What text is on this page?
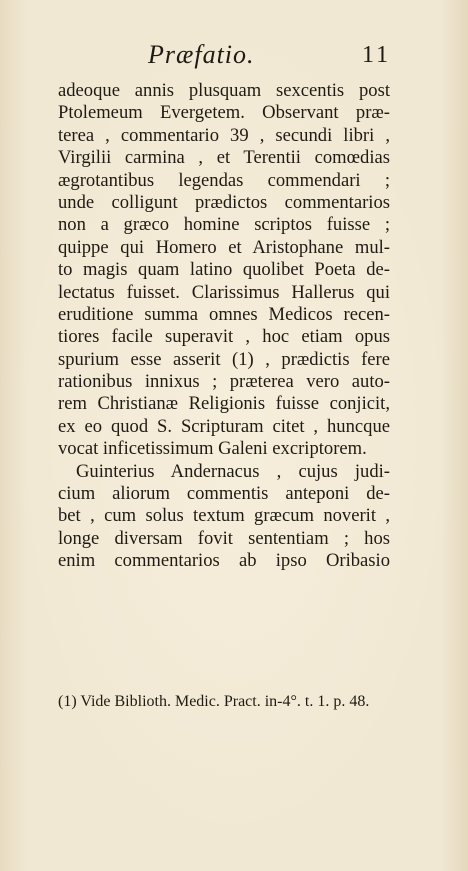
Præfatio.	11
adeoque annis plusquam sexcentis post
Ptolemeum Evergetem. Observant præ-
terea , commentario 39 , secundi libri ,
Virgilii carmina , et Terentii comœdias
ægrotantibus legendas commendari ;
unde colligunt prædictos commentarios
non a græco homine scriptos fuisse ;
quippe qui Homero et Aristophane mul-
to magis quam latino quolibet Poeta de-
lectatus fuisset. Clarissimus Hallerus qui
eruditione summa omnes Medicos recen-
tiores facile superavit , hoc etiam opus
spurium esse asserit (1) , prædictis fere
rationibus innixus ; præterea vero auto-
rem Christianæ Religionis fuisse conjicit,
ex eo quod S. Scripturam citet , huncque
vocat inficetissimum Galeni excriptorem.
Guinterius Andernacus , cujus judi-
cium aliorum commentis anteponi de-
bet , cum solus textum græcum noverit ,
longe diversam fovit sententiam ; hos
enim commentarios ab ipso Oribasio
(1) Vide Biblioth. Medic. Pract. in-4°. t. 1. p. 48.
